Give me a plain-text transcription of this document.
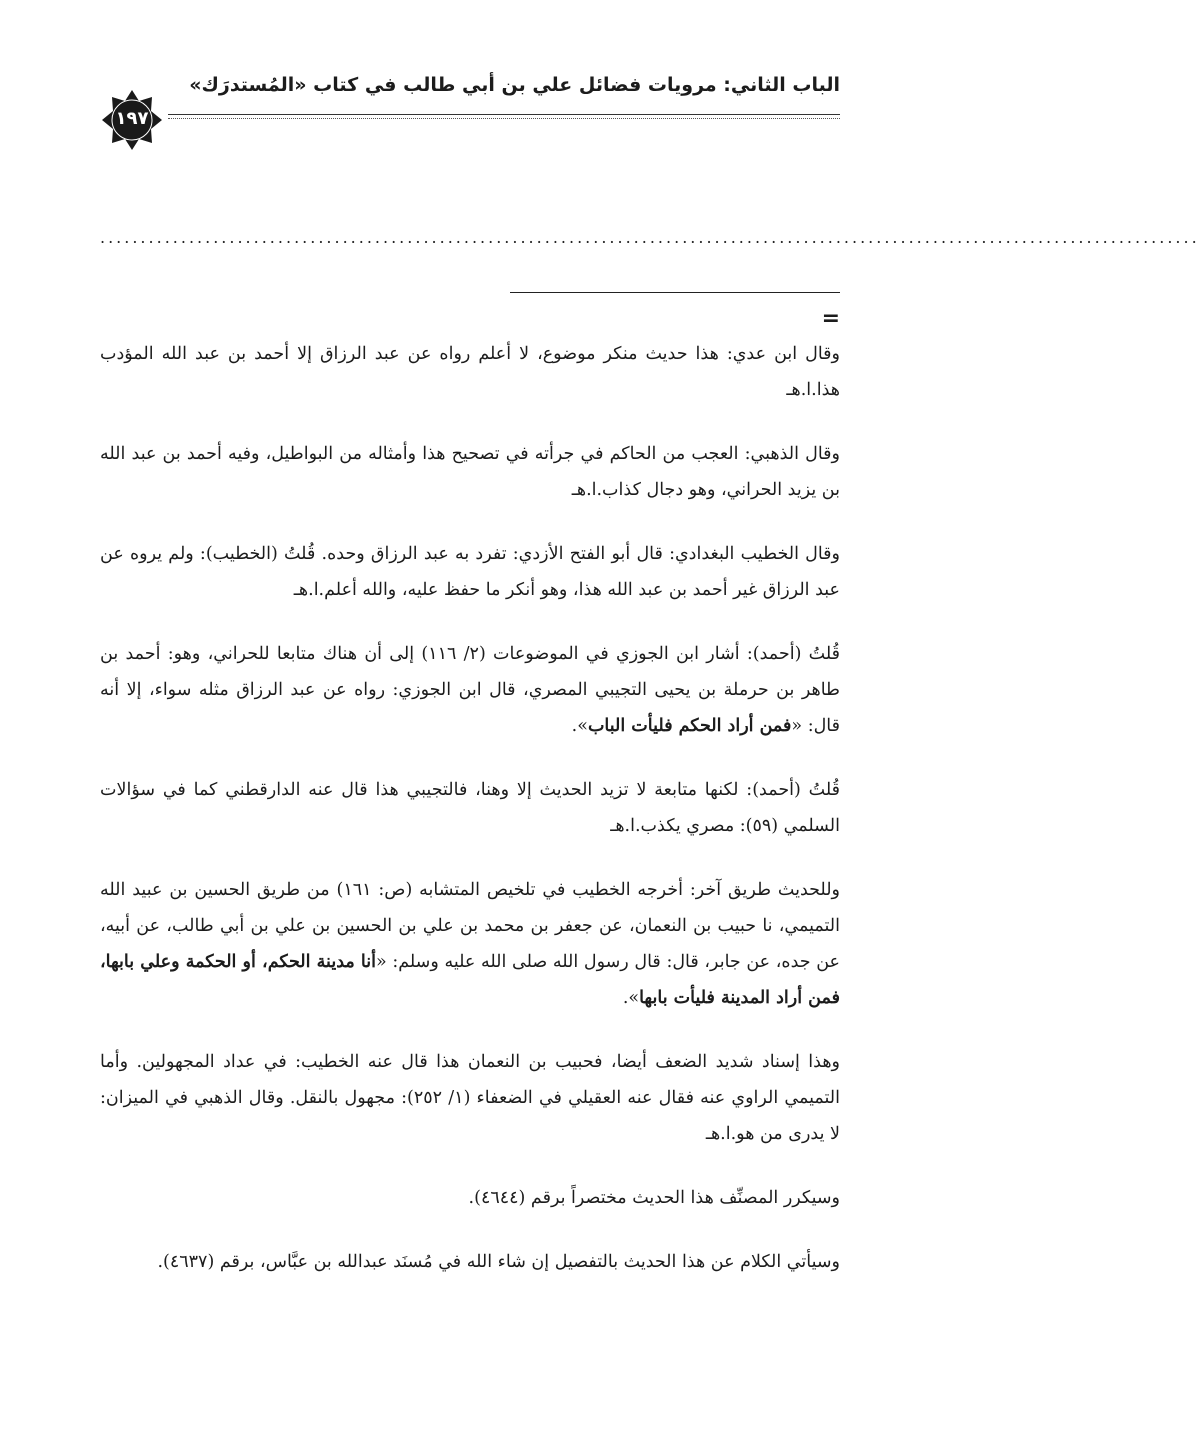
الباب الثاني: مرويات فضائل علي بن أبي طالب في كتاب «المُستدرَك»
١٩٧
........................................................................................................................................
=

وقال ابن عدي: هذا حديث منكر موضوع، لا أعلم رواه عن عبد الرزاق إلا أحمد بن عبد الله المؤدب هذا.ا.هـ

وقال الذهبي: العجب من الحاكم في جرأته في تصحيح هذا وأمثاله من البواطيل، وفيه أحمد بن عبد الله بن يزيد الحراني، وهو دجال كذاب.ا.هـ

وقال الخطيب البغدادي: قال أبو الفتح الأزدي: تفرد به عبد الرزاق وحده. قُلتُ (الخطيب): ولم يروه عن عبد الرزاق غير أحمد بن عبد الله هذا، وهو أنكر ما حفظ عليه، والله أعلم.ا.هـ

قُلتُ (أحمد): أشار ابن الجوزي في الموضوعات (٢/ ١١٦) إلى أن هناك متابعا للحراني، وهو: أحمد بن طاهر بن حرملة بن يحيى التجيبي المصري، قال ابن الجوزي: رواه عن عبد الرزاق مثله سواء، إلا أنه قال: «فمن أراد الحكم فليأت الباب».

قُلتُ (أحمد): لكنها متابعة لا تزيد الحديث إلا وهنا، فالتجيبي هذا قال عنه الدارقطني كما في سؤالات السلمي (٥٩): مصري يكذب.ا.هـ

وللحديث طريق آخر: أخرجه الخطيب في تلخيص المتشابه (ص: ١٦١) من طريق الحسين بن عبيد الله التميمي، نا حبيب بن النعمان، عن جعفر بن محمد بن علي بن الحسين بن علي بن أبي طالب، عن أبيه، عن جده، عن جابر، قال: قال رسول الله صلى الله عليه وسلم: «أنا مدينة الحكم، أو الحكمة وعلي بابها، فمن أراد المدينة فليأت بابها».

وهذا إسناد شديد الضعف أيضا، فحبيب بن النعمان هذا قال عنه الخطيب: في عداد المجهولين. وأما التميمي الراوي عنه فقال عنه العقيلي في الضعفاء (١/ ٢٥٢): مجهول بالنقل. وقال الذهبي في الميزان: لا يدرى من هو.ا.هـ

وسيكرر المصنِّف هذا الحديث مختصراً برقم (٤٦٤٤).

وسيأتي الكلام عن هذا الحديث بالتفصيل إن شاء الله في مُسنَد عبدالله بن عبَّاس، برقم (٤٦٣٧).
